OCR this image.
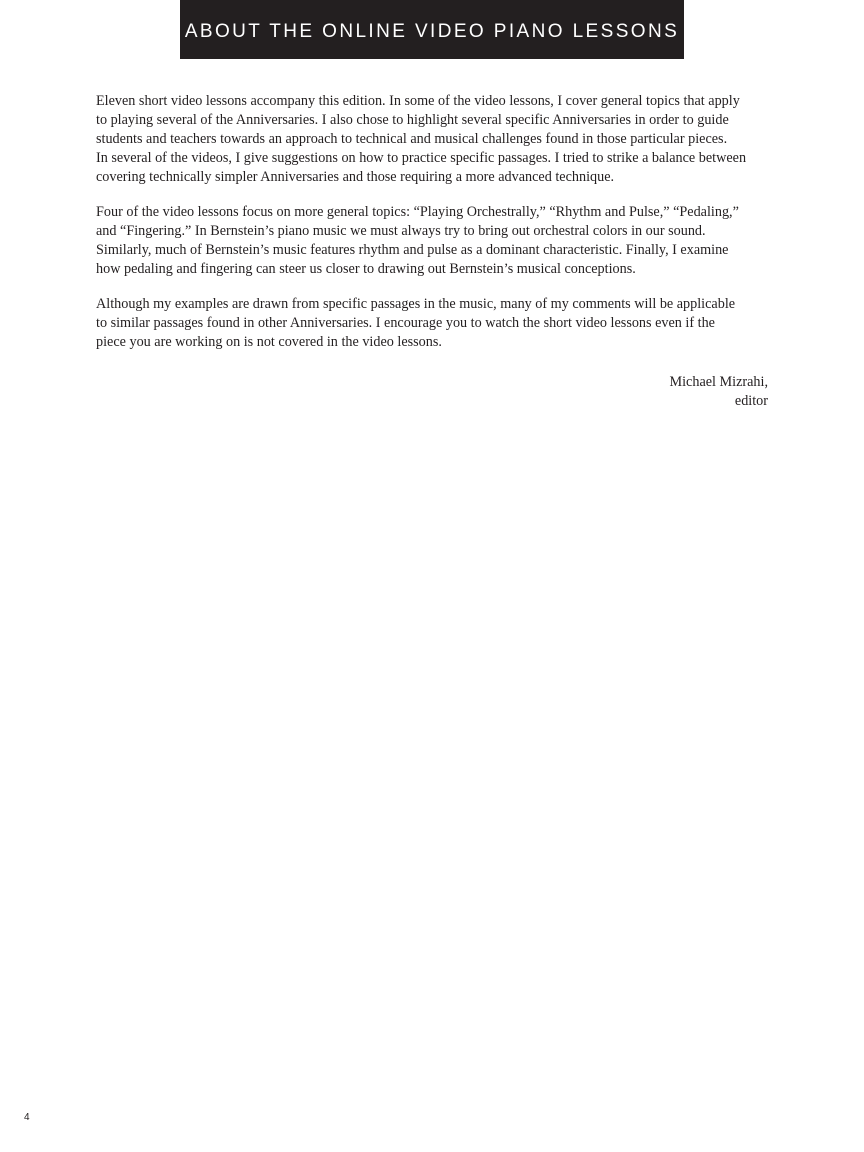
ABOUT THE ONLINE VIDEO PIANO LESSONS

Eleven short video lessons accompany this edition. In some of the video lessons, I cover general topics that apply
to playing several of the Anniversaries. I also chose to highlight several specific Anniversaries in order to guide
students and teachers towards an approach to technical and musical challenges found in those particular pieces.
In several of the videos, I give suggestions on how to practice specific passages. I tried to strike a balance between
covering technically simpler Anniversaries and those requiring a more advanced technique.

Four of the video lessons focus on more general topics: “Playing Orchestrally,” “Rhythm and Pulse,” “Pedaling,”
and “Fingering.” In Bernstein’s piano music we must always try to bring out orchestral colors in our sound.
Similarly, much of Bernstein’s music features rhythm and pulse as a dominant characteristic. Finally, I examine
how pedaling and fingering can steer us closer to drawing out Bernstein’s musical conceptions.

Although my examples are drawn from specific passages in the music, many of my comments will be applicable
to similar passages found in other Anniversaries. I encourage you to watch the short video lessons even if the
piece you are working on is not covered in the video lessons.

Michael Mizrahi,
editor
4
